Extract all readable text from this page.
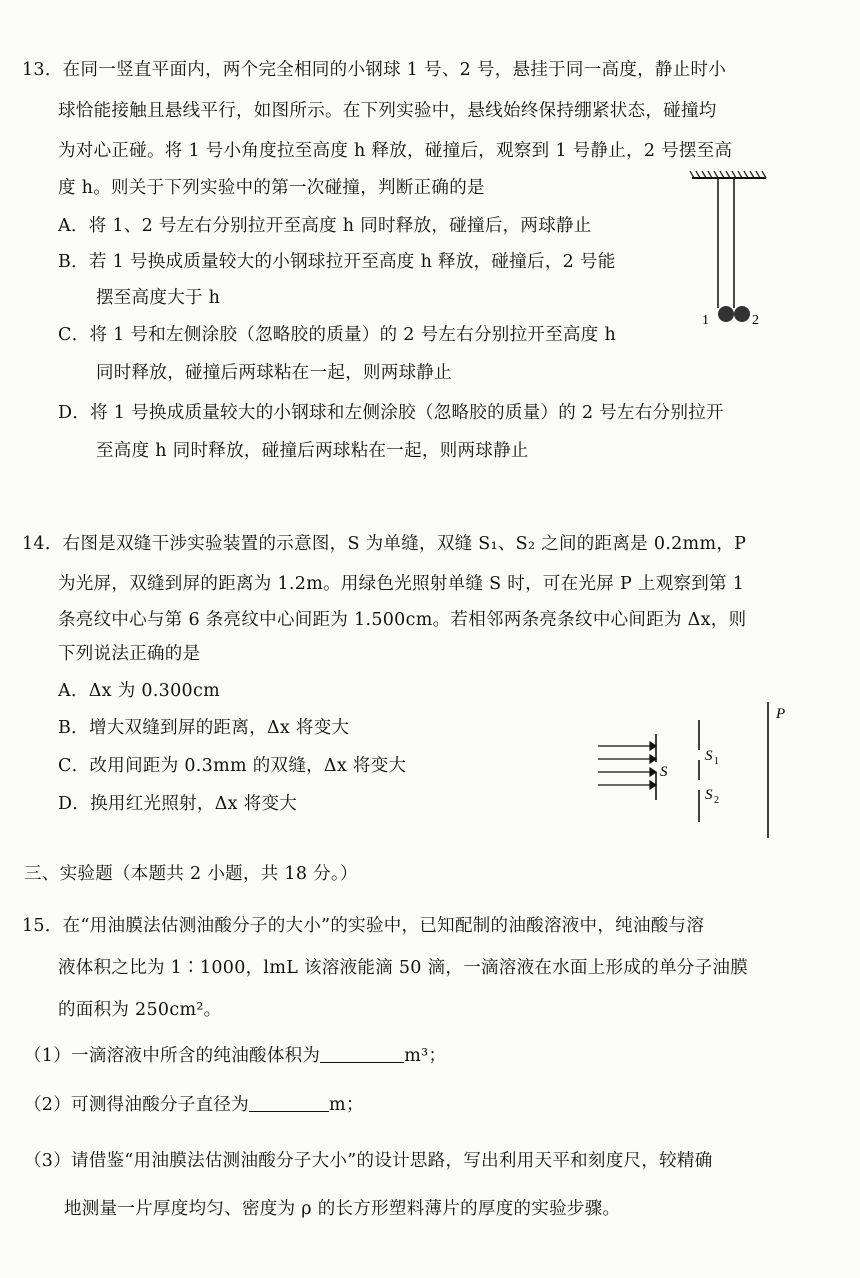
13．在同一竖直平面内，两个完全相同的小钢球 1 号、2 号，悬挂于同一高度，静止时小
球恰能接触且悬线平行，如图所示。在下列实验中，悬线始终保持绷紧状态，碰撞均
为对心正碰。将 1 号小角度拉至高度 h 释放，碰撞后，观察到 1 号静止，2 号摆至高
度 h。则关于下列实验中的第一次碰撞，判断正确的是
A．将 1、2 号左右分别拉开至高度 h 同时释放，碰撞后，两球静止
B．若 1 号换成质量较大的小钢球拉开至高度 h 释放，碰撞后，2 号能
摆至高度大于 h
C．将 1 号和左侧涂胶（忽略胶的质量）的 2 号左右分别拉开至高度 h
同时释放，碰撞后两球粘在一起，则两球静止
D．将 1 号换成质量较大的小钢球和左侧涂胶（忽略胶的质量）的 2 号左右分别拉开
至高度 h 同时释放，碰撞后两球粘在一起，则两球静止
1	2
14．右图是双缝干涉实验装置的示意图，S 为单缝，双缝 S₁、S₂ 之间的距离是 0.2mm，P
为光屏，双缝到屏的距离为 1.2m。用绿色光照射单缝 S 时，可在光屏 P 上观察到第 1
条亮纹中心与第 6 条亮纹中心间距为 1.500cm。若相邻两条亮条纹中心间距为 Δx，则
下列说法正确的是
A．Δx 为 0.300cm
B．增大双缝到屏的距离，Δx 将变大
C．改用间距为 0.3mm 的双缝，Δx 将变大
D．换用红光照射，Δx 将变大
S
S 1
S 2
P
三、实验题（本题共 2 小题，共 18 分。）
15．在“用油膜法估测油酸分子的大小”的实验中，已知配制的油酸溶液中，纯油酸与溶
液体积之比为 1∶1000，lmL 该溶液能滴 50 滴，一滴溶液在水面上形成的单分子油膜
的面积为 250cm²。
（1）一滴溶液中所含的纯油酸体积为	m³；
（2）可测得油酸分子直径为	m；
（3）请借鉴“用油膜法估测油酸分子大小”的设计思路，写出利用天平和刻度尺，较精确
地测量一片厚度均匀、密度为 ρ 的长方形塑料薄片的厚度的实验步骤。
